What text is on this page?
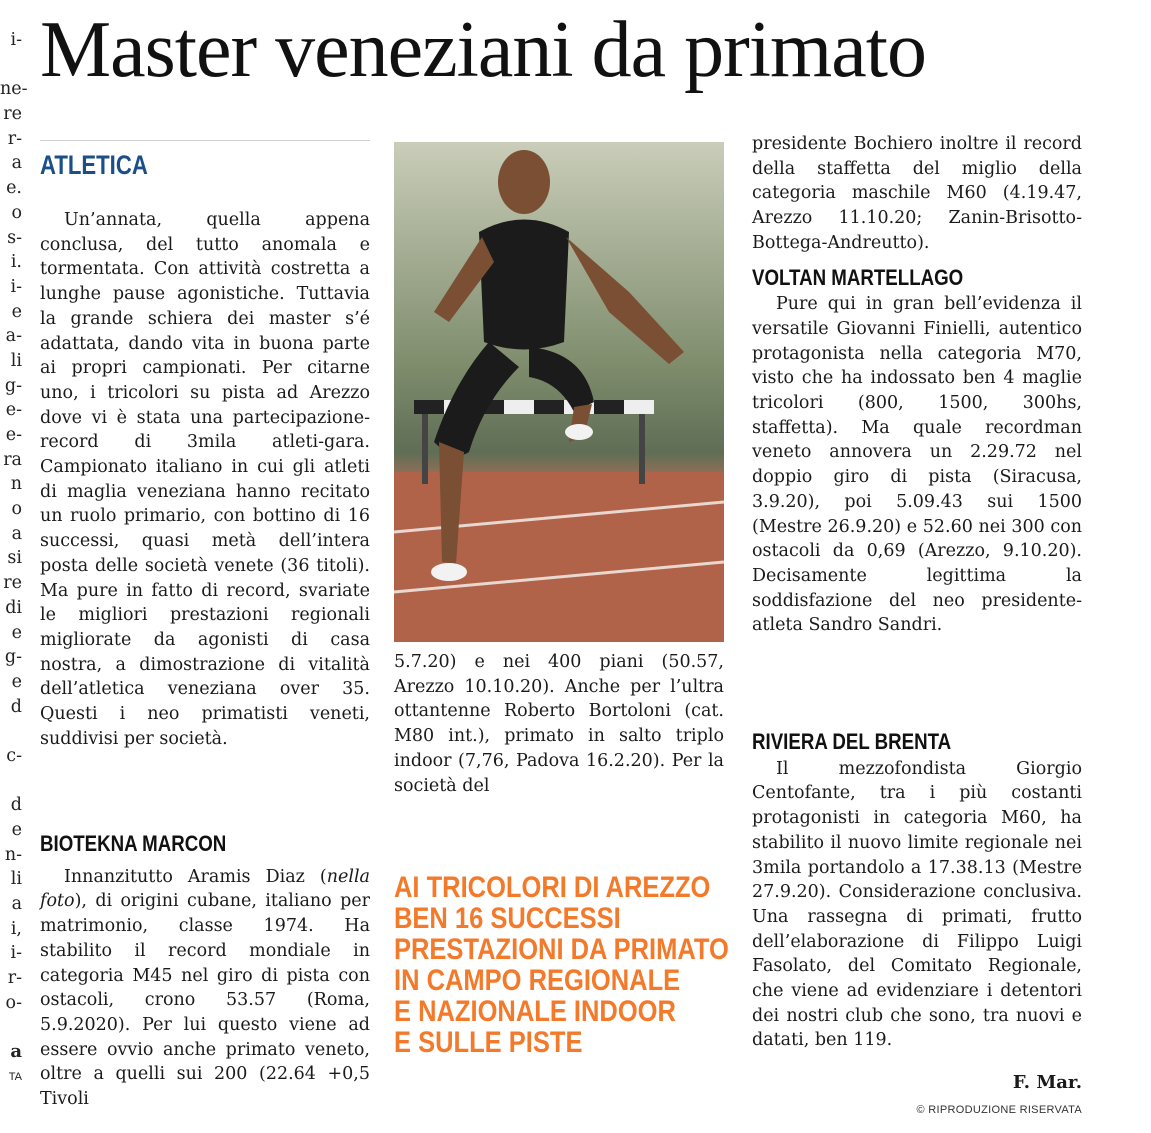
Master veneziani da primato
i-
ne-
re
r-
a
e.
o
s-
i.
i-
e
a-
li
g-
e-
e-
ra
n
o
a
si
re
di
e
g-
e
d
c-
d
e
n-
li
a
i,
i-
r-
o-
a
TA
ATLETICA

Un’annata, quella appena conclusa, del tutto anomala e tormentata. Con attività costretta a lunghe pause agonistiche. Tuttavia la grande schiera dei master s’é adattata, dando vita in buona parte ai propri campionati. Per citarne uno, i tricolori su pista ad Arezzo dove vi è stata una partecipazione-record di 3mila atleti-gara. Campionato italiano in cui gli atleti di maglia veneziana hanno recitato un ruolo primario, con bottino di 16 successi, quasi metà dell’intera posta delle società venete (36 titoli). Ma pure in fatto di record, svariate le migliori prestazioni regionali migliorate da agonisti di casa nostra, a dimostrazione di vitalità dell’atletica veneziana over 35. Questi i neo primatisti veneti, suddivisi per società.

BIOTEKNA MARCON

Innanzitutto Aramis Diaz (nella foto), di origini cubane, italiano per matrimonio, classe 1974. Ha stabilito il record mondiale in categoria M45 nel giro di pista con ostacoli, crono 53.57 (Roma, 5.9.2020). Per lui questo viene ad essere ovvio anche primato veneto, oltre a quelli sui 200 (22.64 +0,5 Tivoli

5.7.20) e nei 400 piani (50.57, Arezzo 10.10.20). Anche per l’ultra ottantenne Roberto Bortoloni (cat. M80 int.), primato in salto triplo indoor (7,76, Padova 16.2.20). Per la società del

AI TRICOLORI DI AREZZO
BEN 16 SUCCESSI
PRESTAZIONI DA PRIMATO
IN CAMPO REGIONALE
E NAZIONALE INDOOR
E SULLE PISTE

presidente Bochiero inoltre il record della staffetta del miglio della categoria maschile M60 (4.19.47, Arezzo 11.10.20; Zanin-Brisotto-Bottega-Andreutto).

VOLTAN MARTELLAGO

Pure qui in gran bell’evidenza il versatile Giovanni Finielli, autentico protagonista nella categoria M70, visto che ha indossato ben 4 maglie tricolori (800, 1500, 300hs, staffetta). Ma quale recordman veneto annovera un 2.29.72 nel doppio giro di pista (Siracusa, 3.9.20), poi 5.09.43 sui 1500 (Mestre 26.9.20) e 52.60 nei 300 con ostacoli da 0,69 (Arezzo, 9.10.20). Decisamente legittima la soddisfazione del neo presidente-atleta Sandro Sandri.

RIVIERA DEL BRENTA

Il mezzofondista Giorgio Centofante, tra i più costanti protagonisti in categoria M60, ha stabilito il nuovo limite regionale nei 3mila portandolo a 17.38.13 (Mestre 27.9.20). Considerazione conclusiva. Una rassegna di primati, frutto dell’elaborazione di Filippo Luigi Fasolato, del Comitato Regionale, che viene ad evidenziare i detentori dei nostri club che sono, tra nuovi e datati, ben 119.

F. Mar.
© RIPRODUZIONE RISERVATA
